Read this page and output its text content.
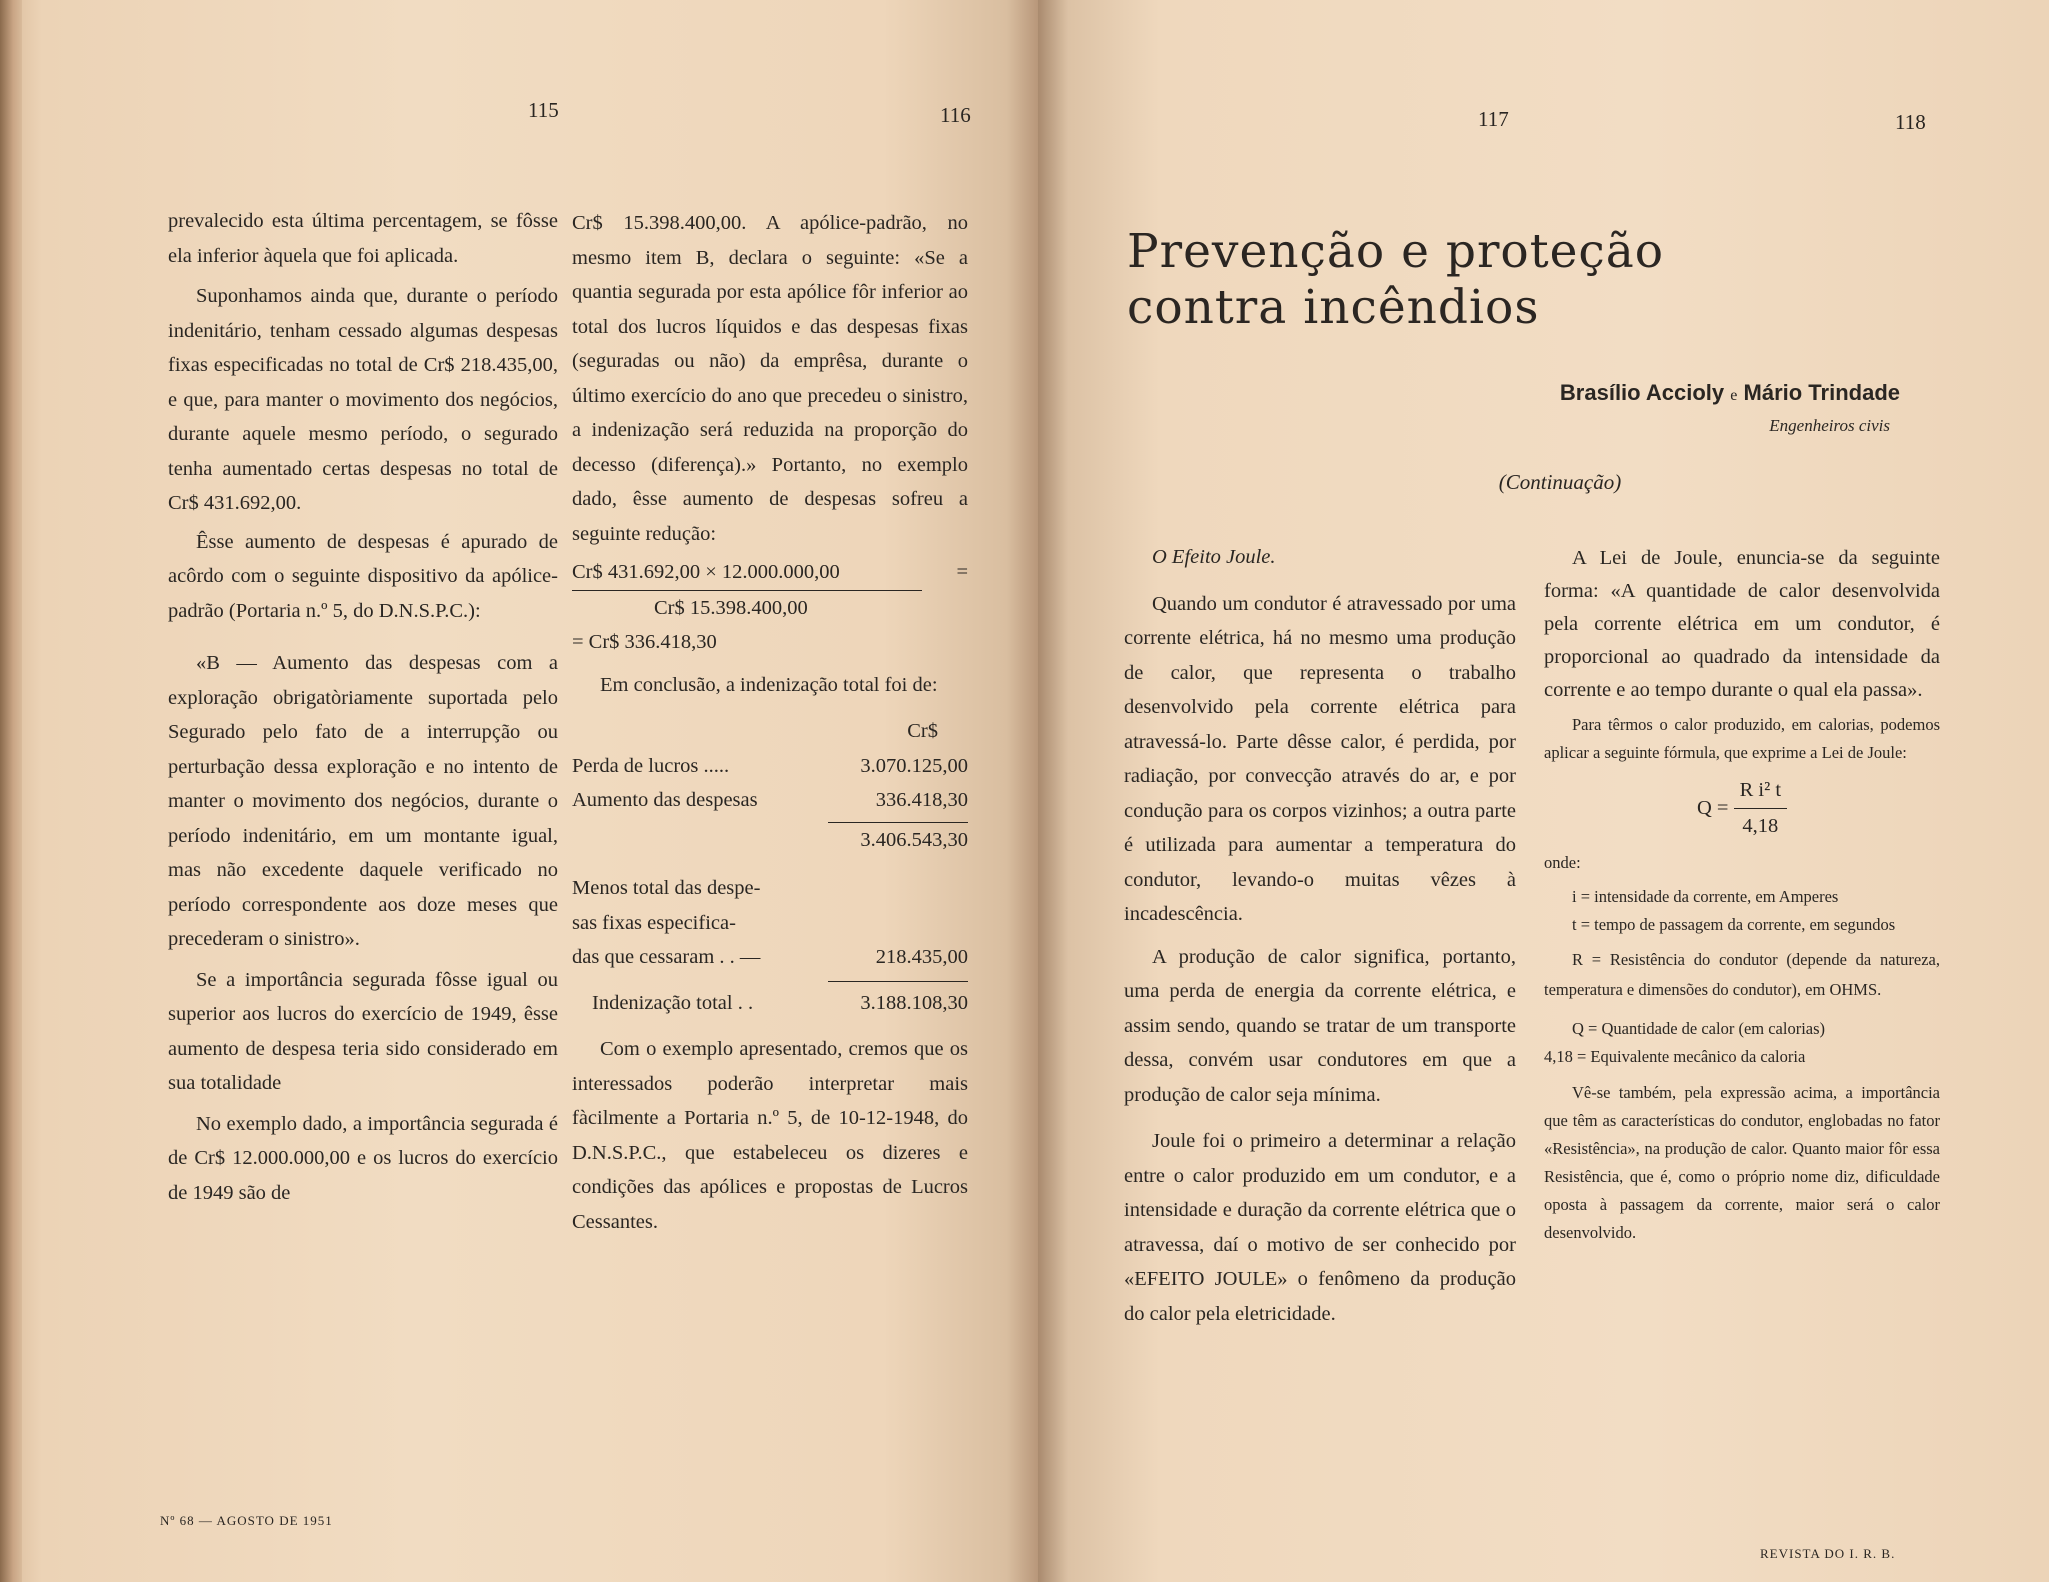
115	116	117	118

prevalecido esta última percentagem, se fôsse ela inferior àquela que foi aplicada.

Suponhamos ainda que, durante o período indenitário, tenham cessado algumas despesas fixas especificadas no total de Cr$ 218.435,00, e que, para manter o movimento dos negócios, durante aquele mesmo período, o segurado tenha aumentado certas despesas no total de Cr$ 431.692,00.

Êsse aumento de despesas é apurado de acôrdo com o seguinte dispositivo da apólice-padrão (Portaria n.º 5, do D.N.S.P.C.):

«B — Aumento das despesas com a exploração obrigatòriamente suportada pelo Segurado pelo fato de a interrupção ou perturbação dessa exploração e no intento de manter o movimento dos negócios, durante o período indenitário, em um montante igual, mas não excedente daquele verificado no período correspondente aos doze meses que precederam o sinistro».

Se a importância segurada fôsse igual ou superior aos lucros do exercício de 1949, êsse aumento de despesa teria sido considerado em sua totalidade

No exemplo dado, a importância segurada é de Cr$ 12.000.000,00 e os lucros do exercício de 1949 são de

Cr$ 15.398.400,00. A apólice-padrão, no mesmo item B, declara o seguinte: «Se a quantia segurada por esta apólice fôr inferior ao total dos lucros líquidos e das despesas fixas (seguradas ou não) da emprêsa, durante o último exercício do ano que precedeu o sinistro, a indenização será reduzida na proporção do decesso (diferença).» Portanto, no exemplo dado, êsse aumento de despesas sofreu a seguinte redução:

Cr$ 431.692,00 × 12.000.000,00	=
Cr$ 15.398.400,00
= Cr$ 336.418,30

Em conclusão, a indenização total foi de:

Cr$
Perda de lucros .....	3.070.125,00
Aumento das despesas	336.418,30
3.406.543,30
Menos total das despe-
sas fixas especifica-
das que cessaram . . —	218.435,00
Indenização total . .	3.188.108,30

Com o exemplo apresentado, cremos que os interessados poderão interpretar mais fàcilmente a Portaria n.º 5, de 10-12-1948, do D.N.S.P.C., que estabeleceu os dizeres e condições das apólices e propostas de Lucros Cessantes.

Prevenção e proteção
contra incêndios
Brasílio Accioly e Mário Trindade
Engenheiros civis
(Continuação)

O Efeito Joule.

Quando um condutor é atravessado por uma corrente elétrica, há no mesmo uma produção de calor, que representa o trabalho desenvolvido pela corrente elétrica para atravessá-lo. Parte dêsse calor, é perdida, por radiação, por convecção através do ar, e por condução para os corpos vizinhos; a outra parte é utilizada para aumentar a temperatura do condutor, levando-o muitas vêzes à incadescência.

A produção de calor significa, portanto, uma perda de energia da corrente elétrica, e assim sendo, quando se tratar de um transporte dessa, convém usar condutores em que a produção de calor seja mínima.

Joule foi o primeiro a determinar a relação entre o calor produzido em um condutor, e a intensidade e duração da corrente elétrica que o atravessa, daí o motivo de ser conhecido por «EFEITO JOULE» o fenômeno da produção do calor pela eletricidade.

A Lei de Joule, enuncia-se da seguinte forma: «A quantidade de calor desenvolvida pela corrente elétrica em um condutor, é proporcional ao quadrado da intensidade da corrente e ao tempo durante o qual ela passa».

Para têrmos o calor produzido, em calorias, podemos aplicar a seguinte fórmula, que exprime a Lei de Joule:

$Q = \frac{\text{R i² t}}{4,18}$

onde:

i = intensidade da corrente, em Amperes

t = tempo de passagem da corrente, em segundos

R = Resistência do condutor (depende da natureza, temperatura e dimensões do condutor), em OHMS.

Q = Quantidade de calor (em calorias)

4,18 = Equivalente mecânico da caloria

Vê-se também, pela expressão acima, a importância que têm as características do condutor, englobadas no fator «Resistência», na produção de calor. Quanto maior fôr essa Resistência, que é, como o próprio nome diz, dificuldade oposta à passagem da corrente, maior será o calor desenvolvido.

Nº 68 — AGOSTO DE 1951
REVISTA DO I. R. B.
